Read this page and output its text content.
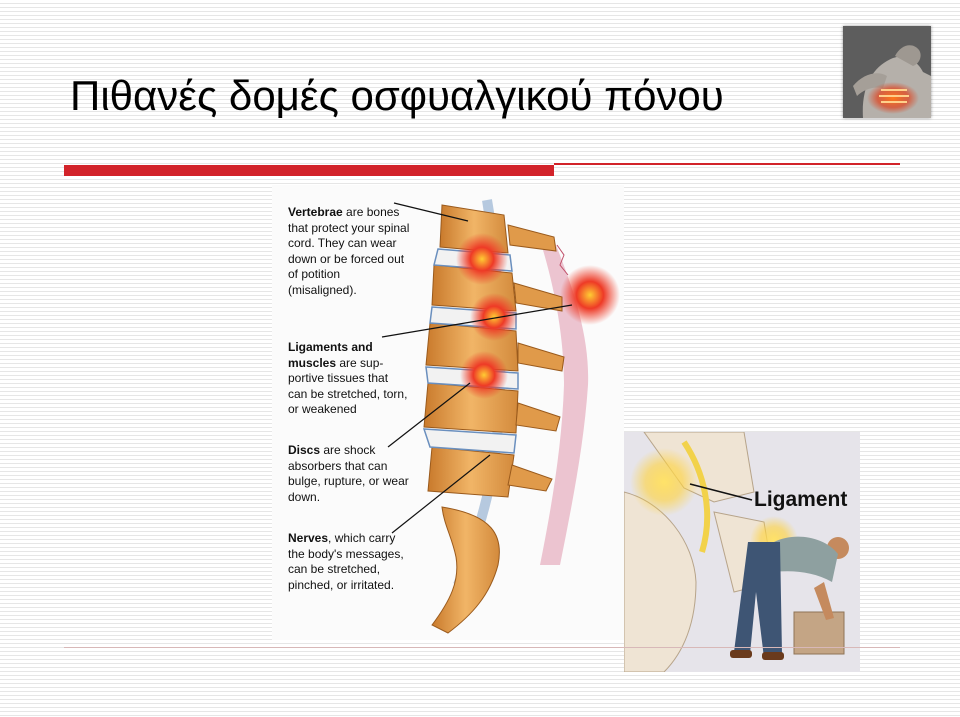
Πιθανές δομές οσφυαλγικού πόνου
Vertebrae are bones that protect your spinal cord. They can wear down or be forced out of potition (misaligned).
Ligaments and muscles are sup-portive tissues that can be stretched, torn, or weakened
Discs are shock absorbers that can bulge, rupture, or wear down.
Nerves, which carry the body's messages, can be stretched, pinched, or irritated.
Ligament
